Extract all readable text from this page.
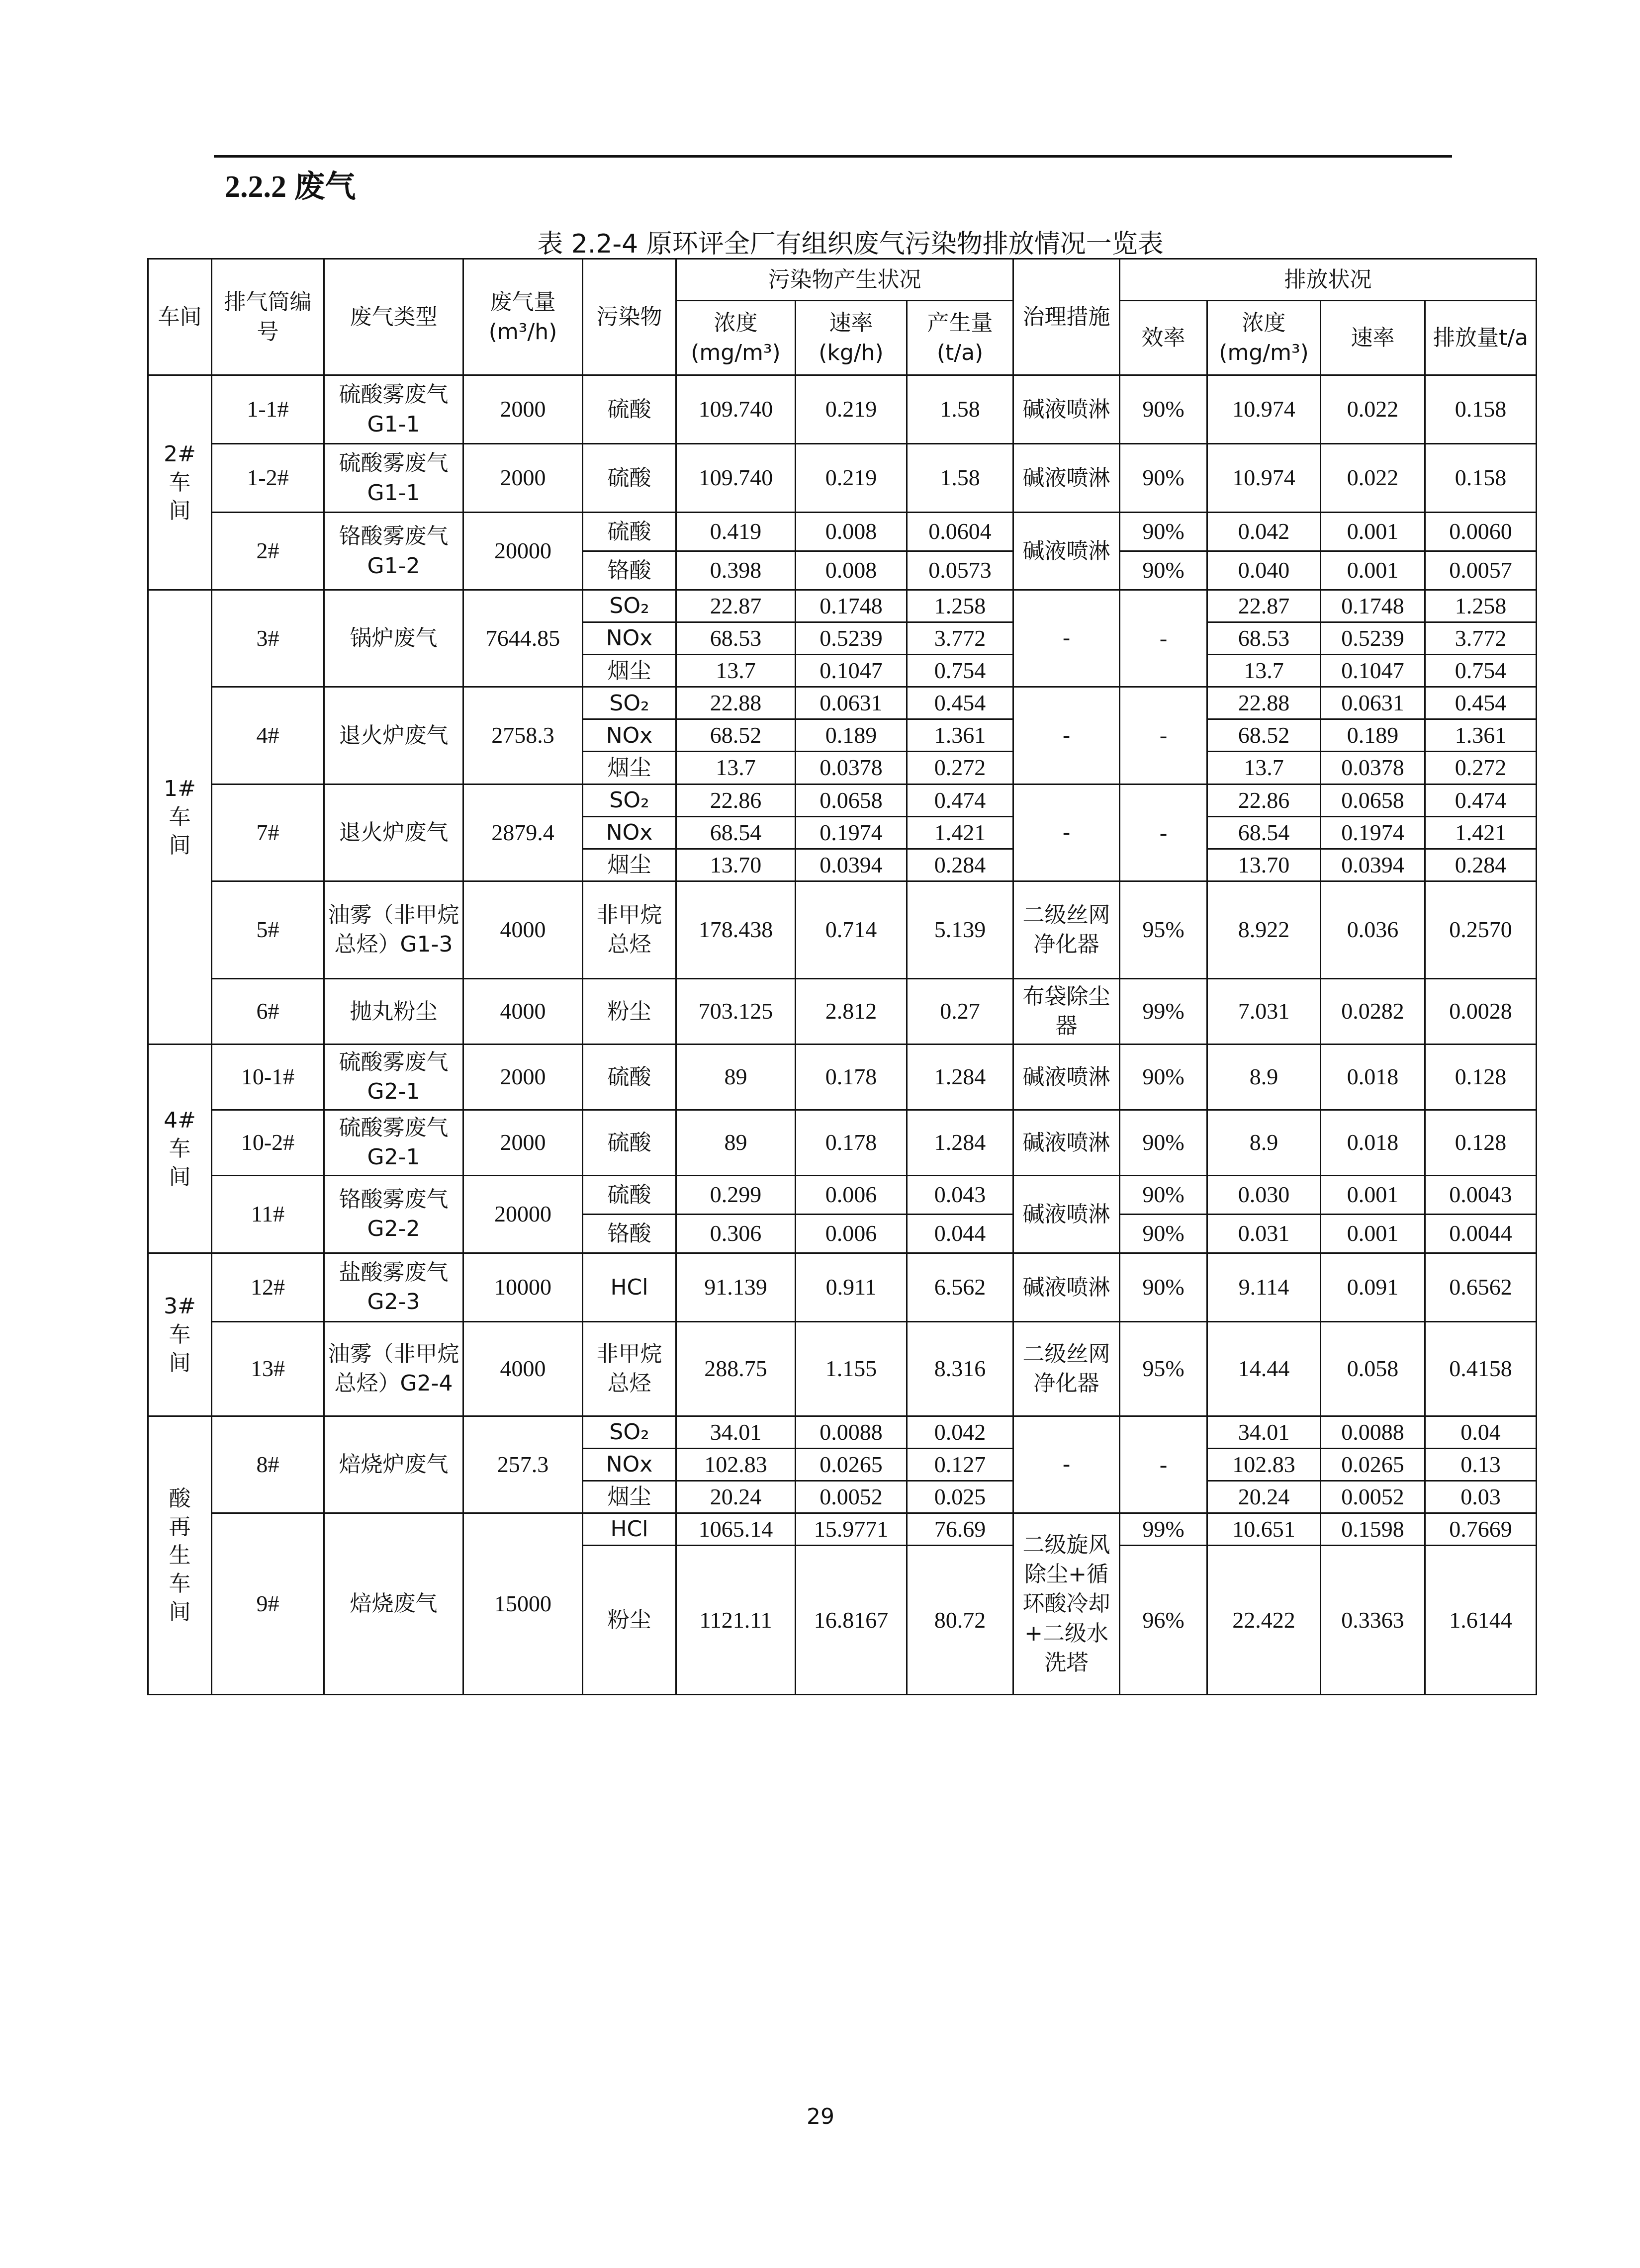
2.2.2 废气
表 2.2-4 原环评全厂有组织废气污染物排放情况一览表
车间	排气筒编号	废气类型	废气量(m³/h)	污染物	污染物产生状况			治理措施	排放状况			
					浓度(mg/m³)	速率(kg/h)	产生量(t/a)		效率	浓度(mg/m³)	速率	排放量t/a
2#车间	1-1#	硫酸雾废气 G1-1	2000	硫酸	109.740	0.219	1.58	碱液喷淋	90%	10.974	0.022	0.158
	1-2#	硫酸雾废气 G1-1	2000	硫酸	109.740	0.219	1.58	碱液喷淋	90%	10.974	0.022	0.158
	2#	铬酸雾废气 G1-2	20000	硫酸	0.419	0.008	0.0604	碱液喷淋	90%	0.042	0.001	0.0060
				铬酸	0.398	0.008	0.0573		90%	0.040	0.001	0.0057
1#车间	3#	锅炉废气	7644.85	SO₂	22.87	0.1748	1.258	-	-	22.87	0.1748	1.258
				NOx	68.53	0.5239	3.772			68.53	0.5239	3.772
				烟尘	13.7	0.1047	0.754			13.7	0.1047	0.754
	4#	退火炉废气	2758.3	SO₂	22.88	0.0631	0.454	-	-	22.88	0.0631	0.454
				NOx	68.52	0.189	1.361			68.52	0.189	1.361
				烟尘	13.7	0.0378	0.272			13.7	0.0378	0.272
	7#	退火炉废气	2879.4	SO₂	22.86	0.0658	0.474	-	-	22.86	0.0658	0.474
				NOx	68.54	0.1974	1.421			68.54	0.1974	1.421
				烟尘	13.70	0.0394	0.284			13.70	0.0394	0.284
	5#	油雾（非甲烷总烃）G1-3	4000	非甲烷总烃	178.438	0.714	5.139	二级丝网净化器	95%	8.922	0.036	0.2570
	6#	抛丸粉尘	4000	粉尘	703.125	2.812	0.27	布袋除尘器	99%	7.031	0.0282	0.0028
4#车间	10-1#	硫酸雾废气 G2-1	2000	硫酸	89	0.178	1.284	碱液喷淋	90%	8.9	0.018	0.128
	10-2#	硫酸雾废气 G2-1	2000	硫酸	89	0.178	1.284	碱液喷淋	90%	8.9	0.018	0.128
	11#	铬酸雾废气 G2-2	20000	硫酸	0.299	0.006	0.043	碱液喷淋	90%	0.030	0.001	0.0043
				铬酸	0.306	0.006	0.044		90%	0.031	0.001	0.0044
3#车间	12#	盐酸雾废气 G2-3	10000	HCl	91.139	0.911	6.562	碱液喷淋	90%	9.114	0.091	0.6562
	13#	油雾（非甲烷总烃）G2-4	4000	非甲烷总烃	288.75	1.155	8.316	二级丝网净化器	95%	14.44	0.058	0.4158
酸再生车间	8#	焙烧炉废气	257.3	SO₂	34.01	0.0088	0.042	-	-	34.01	0.0088	0.04
				NOx	102.83	0.0265	0.127			102.83	0.0265	0.13
				烟尘	20.24	0.0052	0.025			20.24	0.0052	0.03
	9#	焙烧废气	15000	HCl	1065.14	15.9771	76.69	二级旋风除尘+循环酸冷却+二级水洗塔	99%	10.651	0.1598	0.7669
				粉尘	1121.11	16.8167	80.72		96%	22.422	0.3363	1.6144
29
